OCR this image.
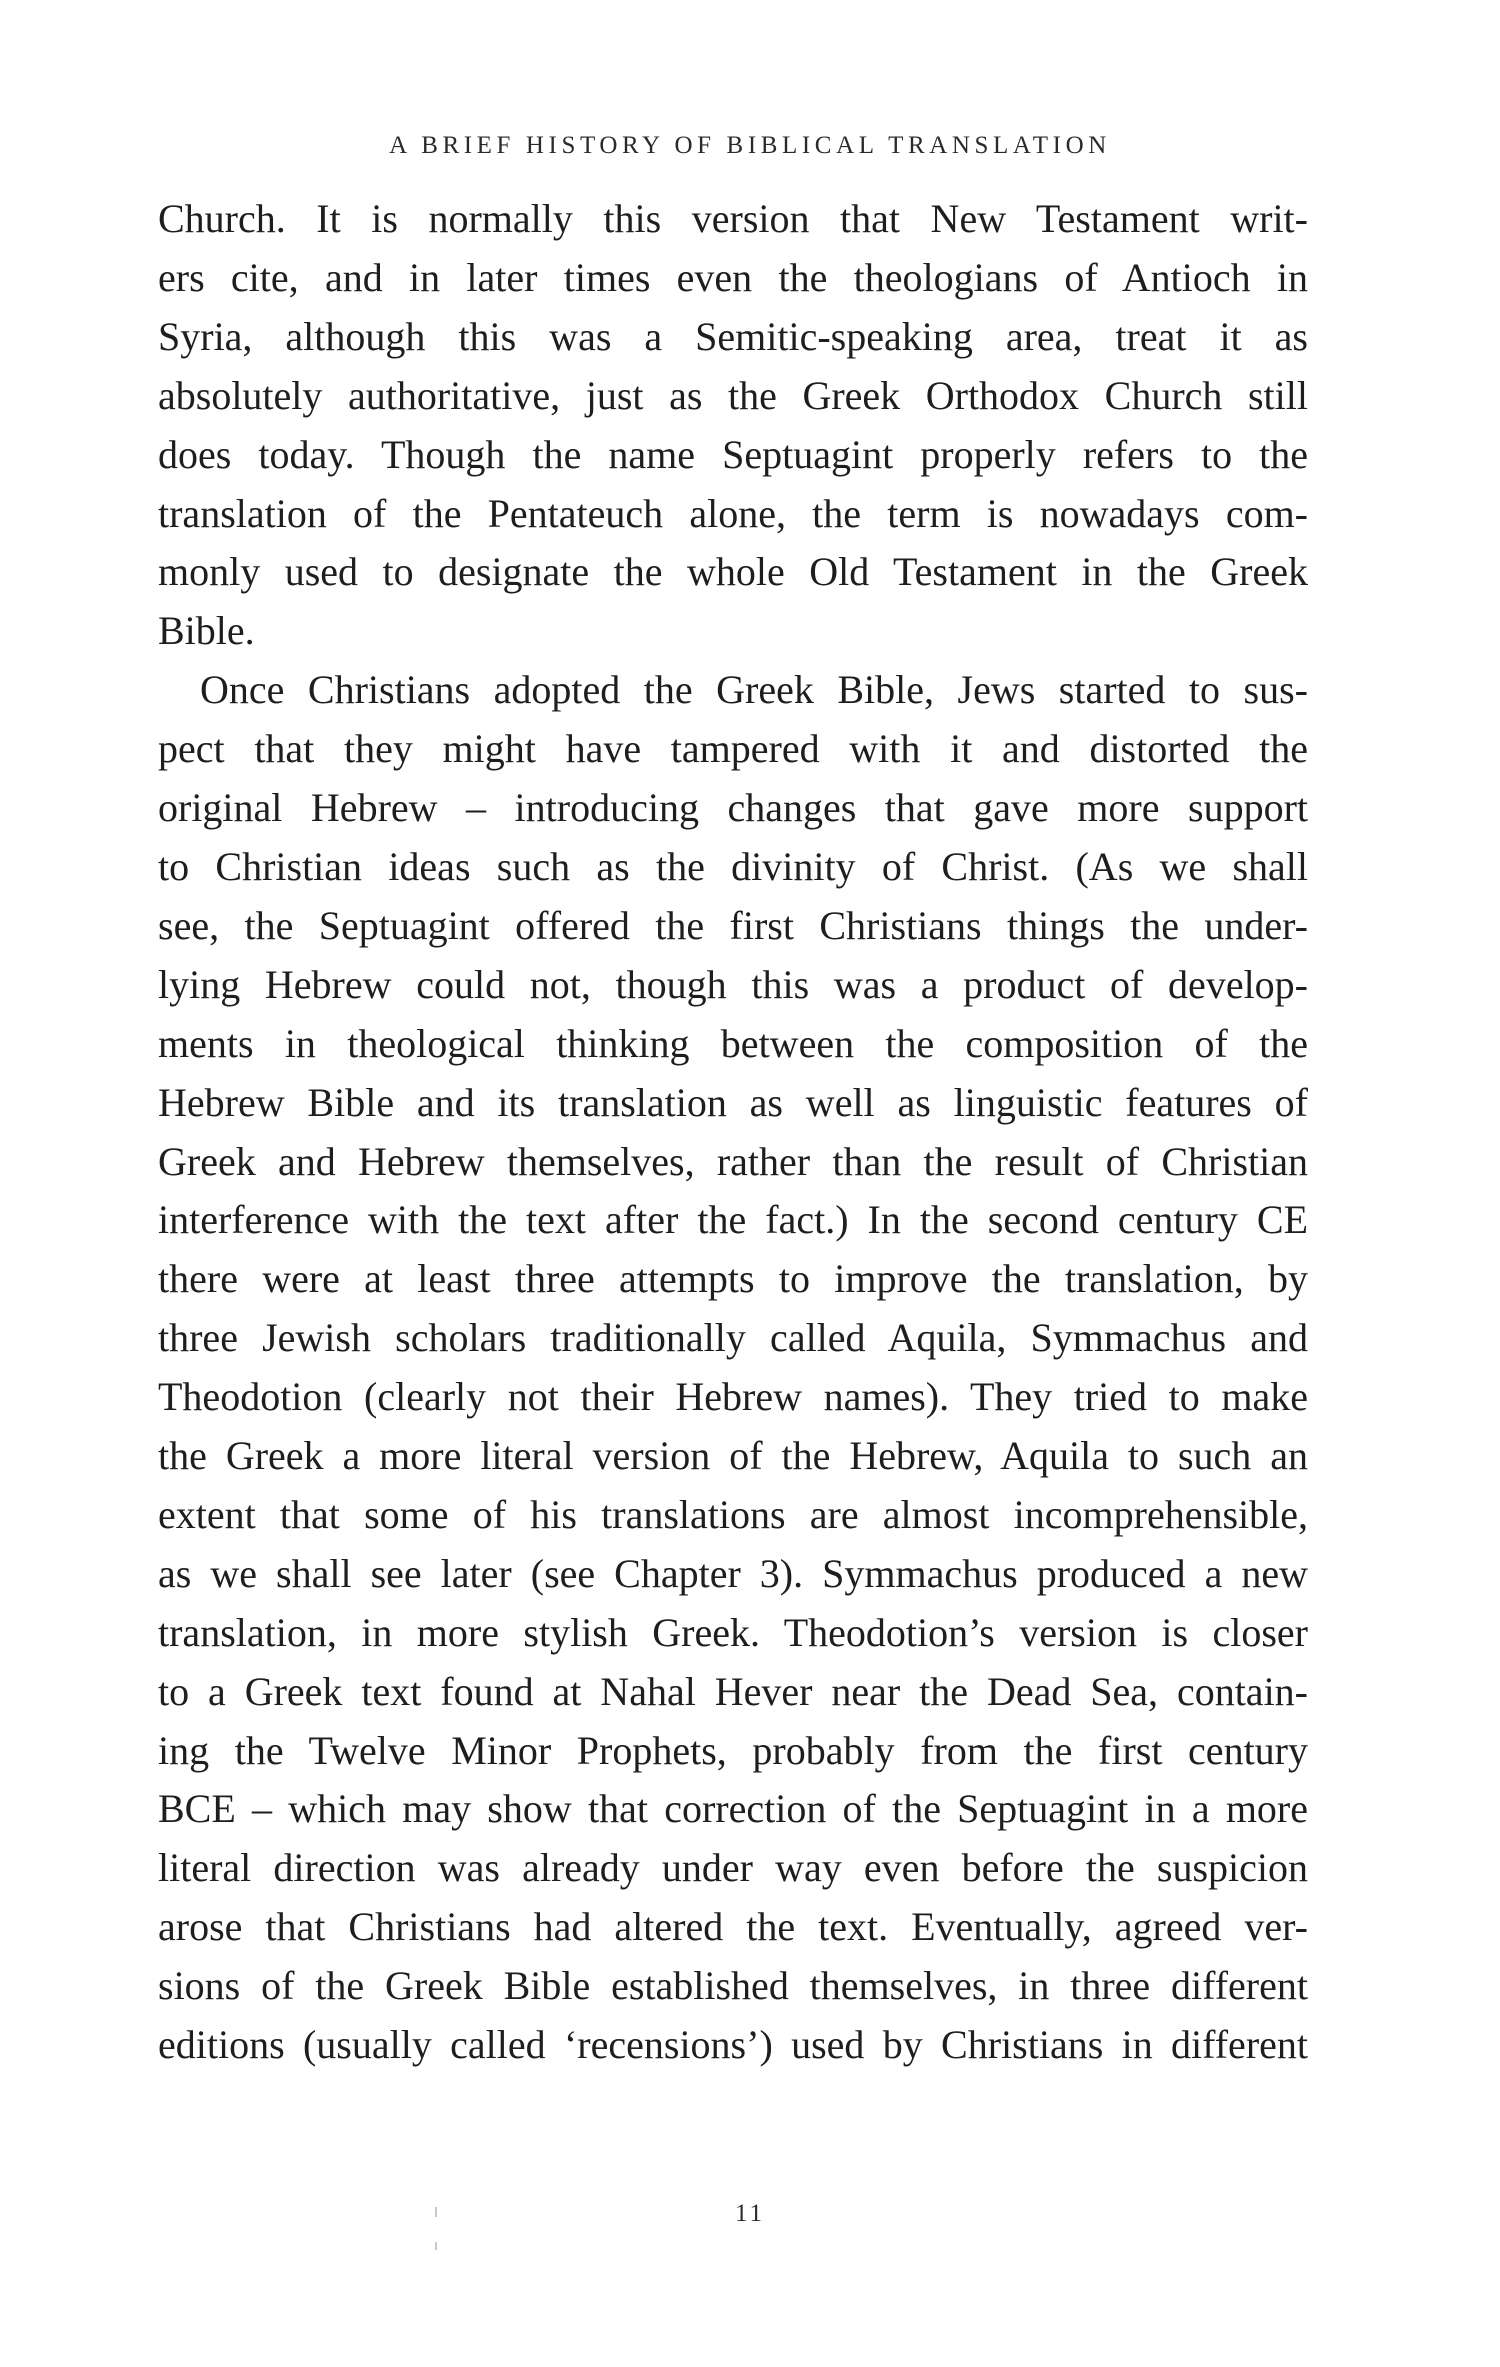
A BRIEF HISTORY OF BIBLICAL TRANSLATION
Church. It is normally this version that New Testament writ-
ers cite, and in later times even the theologians of Antioch in
Syria, although this was a Semitic-speaking area, treat it as
absolutely authoritative, just as the Greek Orthodox Church still
does today. Though the name Septuagint properly refers to the
translation of the Pentateuch alone, the term is nowadays com-
monly used to designate the whole Old Testament in the Greek
Bible.
Once Christians adopted the Greek Bible, Jews started to sus-
pect that they might have tampered with it and distorted the
original Hebrew – introducing changes that gave more support
to Christian ideas such as the divinity of Christ. (As we shall
see, the Septuagint offered the first Christians things the under-
lying Hebrew could not, though this was a product of develop-
ments in theological thinking between the composition of the
Hebrew Bible and its translation as well as linguistic features of
Greek and Hebrew themselves, rather than the result of Christian
interference with the text after the fact.) In the second century CE
there were at least three attempts to improve the translation, by
three Jewish scholars traditionally called Aquila, Symmachus and
Theodotion (clearly not their Hebrew names). They tried to make
the Greek a more literal version of the Hebrew, Aquila to such an
extent that some of his translations are almost incomprehensible,
as we shall see later (see Chapter 3). Symmachus produced a new
translation, in more stylish Greek. Theodotion’s version is closer
to a Greek text found at Nahal Hever near the Dead Sea, contain-
ing the Twelve Minor Prophets, probably from the first century
BCE – which may show that correction of the Septuagint in a more
literal direction was already under way even before the suspicion
arose that Christians had altered the text. Eventually, agreed ver-
sions of the Greek Bible established themselves, in three different
editions (usually called ‘recensions’) used by Christians in different
11
